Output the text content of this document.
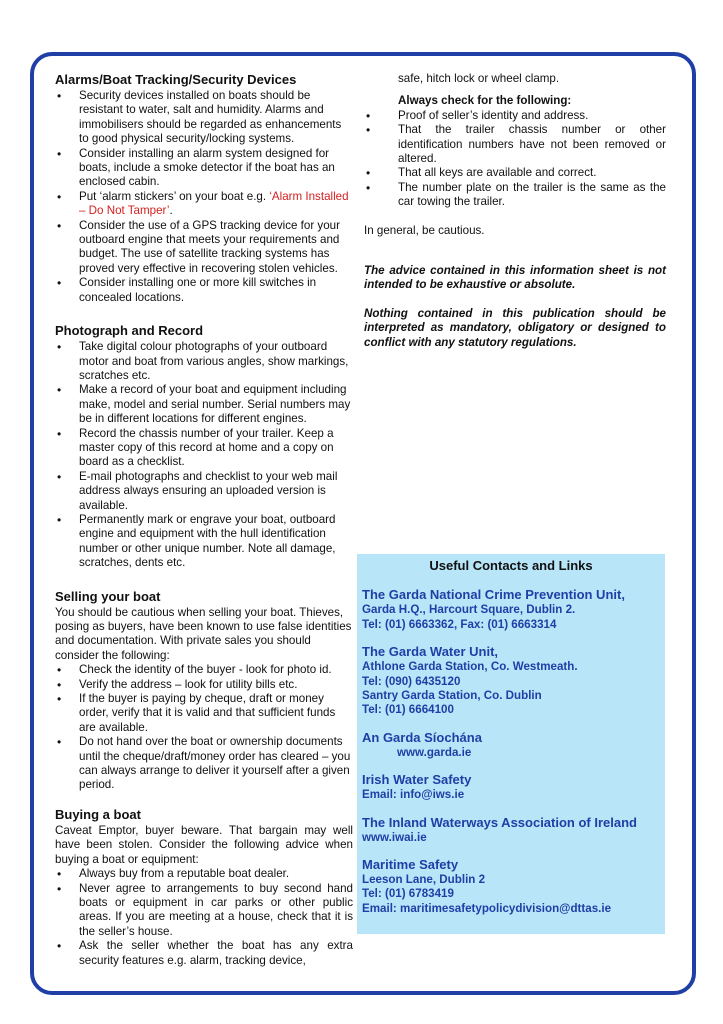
Alarms/Boat Tracking/Security Devices
• Security devices installed on boats should be resistant to water, salt and humidity. Alarms and immobilisers should be regarded as enhancements to good physical security/locking systems.
• Consider installing an alarm system designed for boats, include a smoke detector if the boat has an enclosed cabin.
• Put ‘alarm stickers’ on your boat e.g. ‘Alarm Installed – Do Not Tamper’.
• Consider the use of a GPS tracking device for your outboard engine that meets your requirements and budget. The use of satellite tracking systems has proved very effective in recovering stolen vehicles.
• Consider installing one or more kill switches in concealed locations.
Photograph and Record
• Take digital colour photographs of your outboard motor and boat from various angles, show markings, scratches etc.
• Make a record of your boat and equipment including make, model and serial number. Serial numbers may be in different locations for different engines.
• Record the chassis number of your trailer. Keep a master copy of this record at home and a copy on board as a checklist.
• E-mail photographs and checklist to your web mail address always ensuring an uploaded version is available.
• Permanently mark or engrave your boat, outboard engine and equipment with the hull identification number or other unique number. Note all damage, scratches, dents etc.
Selling your boat

You should be cautious when selling your boat. Thieves, posing as buyers, have been known to use false identities and documentation. With private sales you should consider the following:

• Check the identity of the buyer - look for photo id.
• Verify the address – look for utility bills etc.
• If the buyer is paying by cheque, draft or money order, verify that it is valid and that sufficient funds are available.
• Do not hand over the boat or ownership documents until the cheque/draft/money order has cleared – you can always arrange to deliver it yourself after a given period.
Buying a boat

Caveat Emptor, buyer beware. That bargain may well have been stolen. Consider the following advice when buying a boat or equipment:

• Always buy from a reputable boat dealer.
• Never agree to arrangements to buy second hand boats or equipment in car parks or other public areas. If you are meeting at a house, check that it is the seller’s house.
• Ask the seller whether the boat has any extra security features e.g. alarm, tracking device,

safe, hitch lock or wheel clamp.

Always check for the following:

• Proof of seller’s identity and address.
• That the trailer chassis number or other identification numbers have not been removed or altered.
• That all keys are available and correct.
• The number plate on the trailer is the same as the car towing the trailer.

In general, be cautious.

The advice contained in this information sheet is not intended to be exhaustive or absolute.

Nothing contained in this publication should be interpreted as mandatory, obligatory or designed to conflict with any statutory regulations.

Useful Contacts and Links
The Garda National Crime Prevention Unit,
Garda H.Q., Harcourt Square, Dublin 2.
Tel: (01) 6663362, Fax: (01) 6663314
The Garda Water Unit,
Athlone Garda Station, Co. Westmeath.
Tel: (090) 6435120
Santry Garda Station, Co. Dublin
Tel: (01) 6664100
An Garda Síochána
www.garda.ie
Irish Water Safety
Email: info@iws.ie
The Inland Waterways Association of Ireland
www.iwai.ie
Maritime Safety
Leeson Lane, Dublin 2
Tel: (01) 6783419
Email: maritimesafetypolicydivision@dttas.ie
